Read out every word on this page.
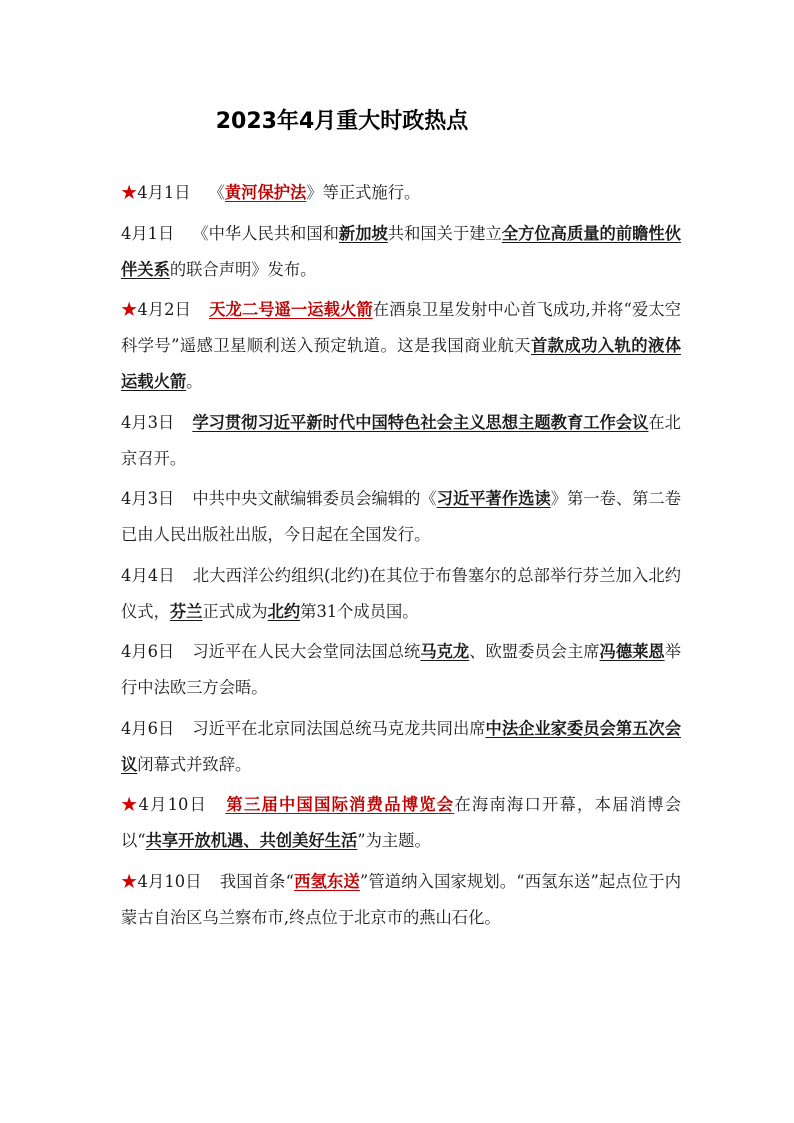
2023年4月重大时政热点

★4月1日 《黄河保护法》等正式施行。

4月1日 《中华人民共和国和新加坡共和国关于建立全方位高质量的前瞻性伙伴关系的联合声明》发布。

★4月2日 天龙二号遥一运载火箭在酒泉卫星发射中心首飞成功,并将“爱太空科学号”遥感卫星顺利送入预定轨道。这是我国商业航天首款成功入轨的液体运载火箭。

4月3日 学习贯彻习近平新时代中国特色社会主义思想主题教育工作会议在北京召开。

4月3日 中共中央文献编辑委员会编辑的《习近平著作选读》第一卷、第二卷已由人民出版社出版，今日起在全国发行。

4月4日 北大西洋公约组织(北约)在其位于布鲁塞尔的总部举行芬兰加入北约仪式，芬兰正式成为北约第31个成员国。

4月6日 习近平在人民大会堂同法国总统马克龙、欧盟委员会主席冯德莱恩举行中法欧三方会晤。

4月6日 习近平在北京同法国总统马克龙共同出席中法企业家委员会第五次会议闭幕式并致辞。

★4月10日 第三届中国国际消费品博览会在海南海口开幕，本届消博会以“共享开放机遇、共创美好生活”为主题。

★4月10日 我国首条“西氢东送”管道纳入国家规划。“西氢东送”起点位于内蒙古自治区乌兰察布市,终点位于北京市的燕山石化。
